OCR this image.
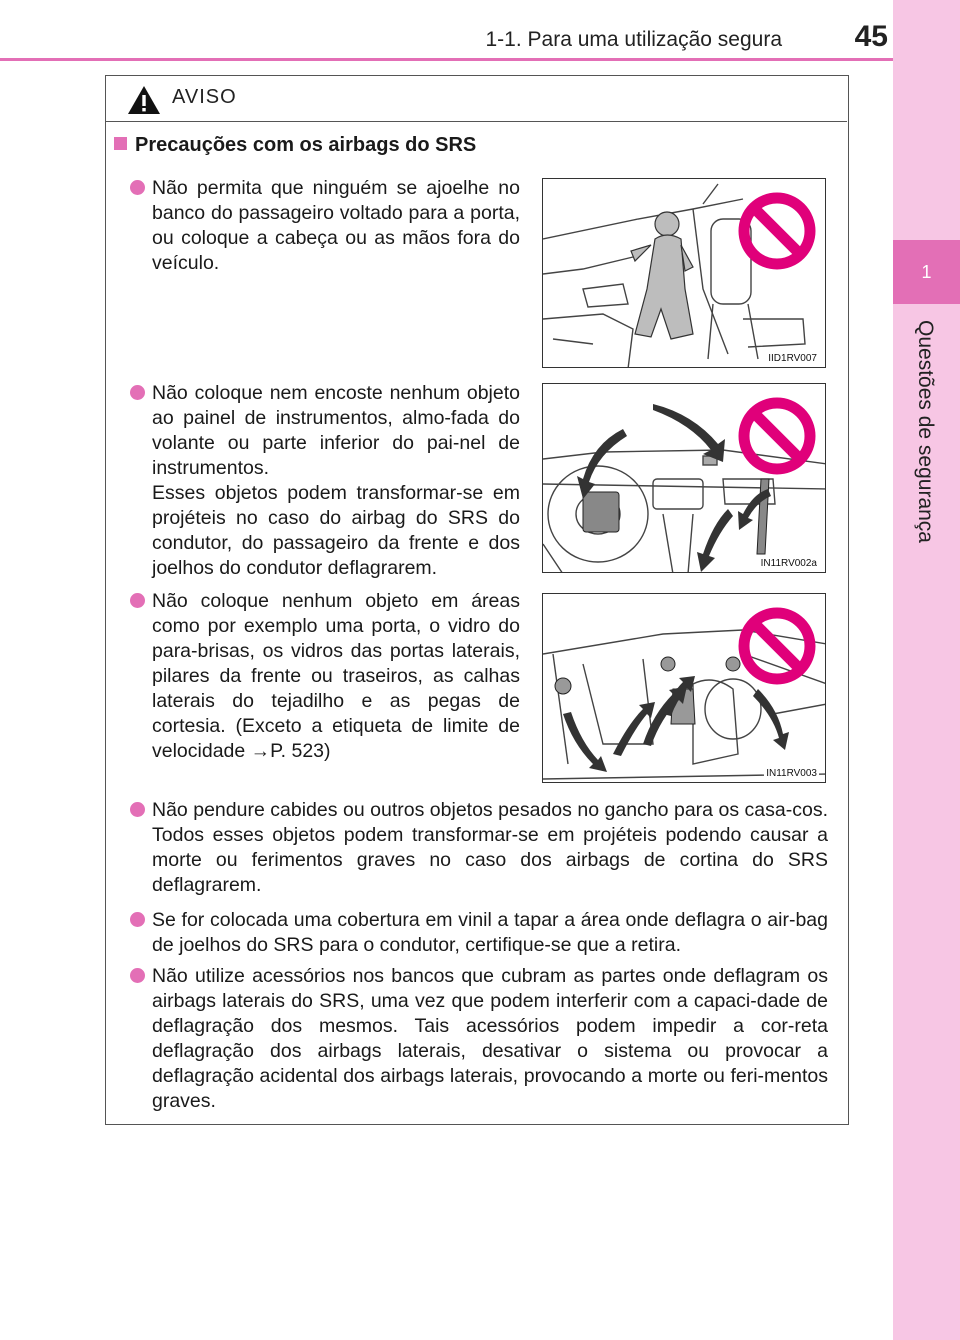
1
Questões de segurança
1-1. Para uma utilização segura	45
AVISO
Precauções com os airbags do SRS

Não permita que ninguém se ajoelhe no banco do passageiro voltado para a porta, ou coloque a cabeça ou as mãos fora do veículo.

IID1RV007

Não coloque nem encoste nenhum objeto ao painel de instrumentos, almo-fada do volante ou parte inferior do pai-nel de instrumentos.

Esses objetos podem transformar-se em projéteis no caso do airbag do SRS do condutor, do passageiro da frente e dos joelhos do condutor deflagrarem.	IN11RV002a

Não coloque nenhum objeto em áreas como por exemplo uma porta, o vidro do para-brisas, os vidros das portas laterais, pilares da frente ou traseiros, as calhas laterais do tejadilho e as pegas de cortesia. (Exceto a etiqueta de limite de velocidade →P. 523)

IN11RV003

Não pendure cabides ou outros objetos pesados no gancho para os casa-cos. Todos esses objetos podem transformar-se em projéteis podendo causar a morte ou ferimentos graves no caso dos airbags de cortina do SRS deflagrarem.

Se for colocada uma cobertura em vinil a tapar a área onde deflagra o air-bag de joelhos do SRS para o condutor, certifique-se que a retira.

Não utilize acessórios nos bancos que cubram as partes onde deflagram os airbags laterais do SRS, uma vez que podem interferir com a capaci-dade de deflagração dos mesmos. Tais acessórios podem impedir a cor-reta deflagração dos airbags laterais, desativar o sistema ou provocar a deflagração acidental dos airbags laterais, provocando a morte ou feri-mentos graves.
